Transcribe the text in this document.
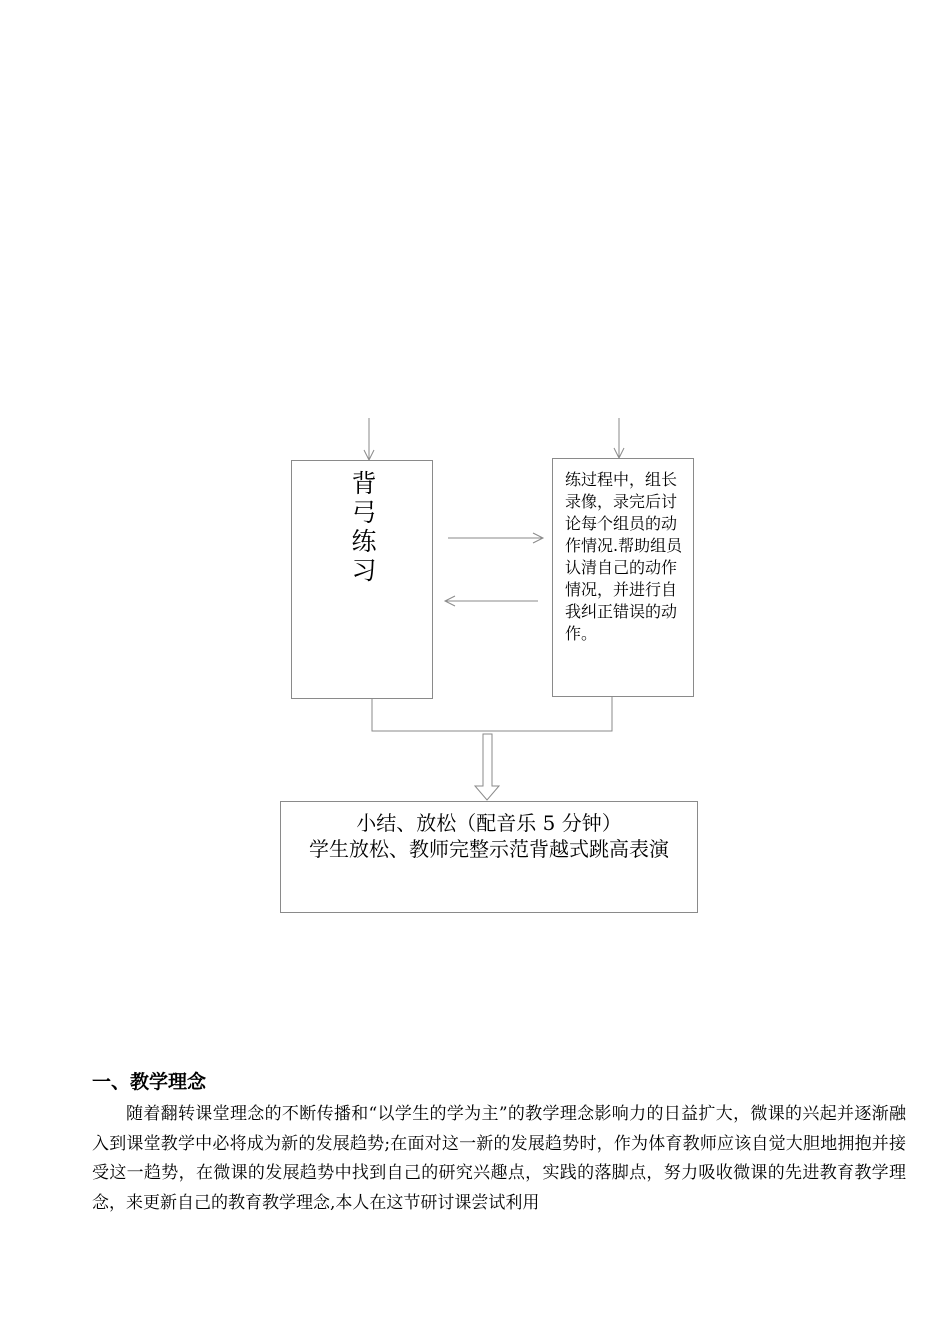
背
弓
练
习
练过程中，组长录像，录完后讨论每个组员的动作情况.帮助组员认清自己的动作情况，并进行自我纠正错误的动作。
小结、放松（配音乐 5 分钟）
学生放松、教师完整示范背越式跳高表演
一、教学理念
随着翻转课堂理念的不断传播和“以学生的学为主”的教学理念影响力的日益扩大，微课的兴起并逐渐融入到课堂教学中必将成为新的发展趋势;在面对这一新的发展趋势时，作为体育教师应该自觉大胆地拥抱并接受这一趋势，在微课的发展趋势中找到自己的研究兴趣点，实践的落脚点，努力吸收微课的先进教育教学理念，来更新自己的教育教学理念,本人在这节研讨课尝试利用
